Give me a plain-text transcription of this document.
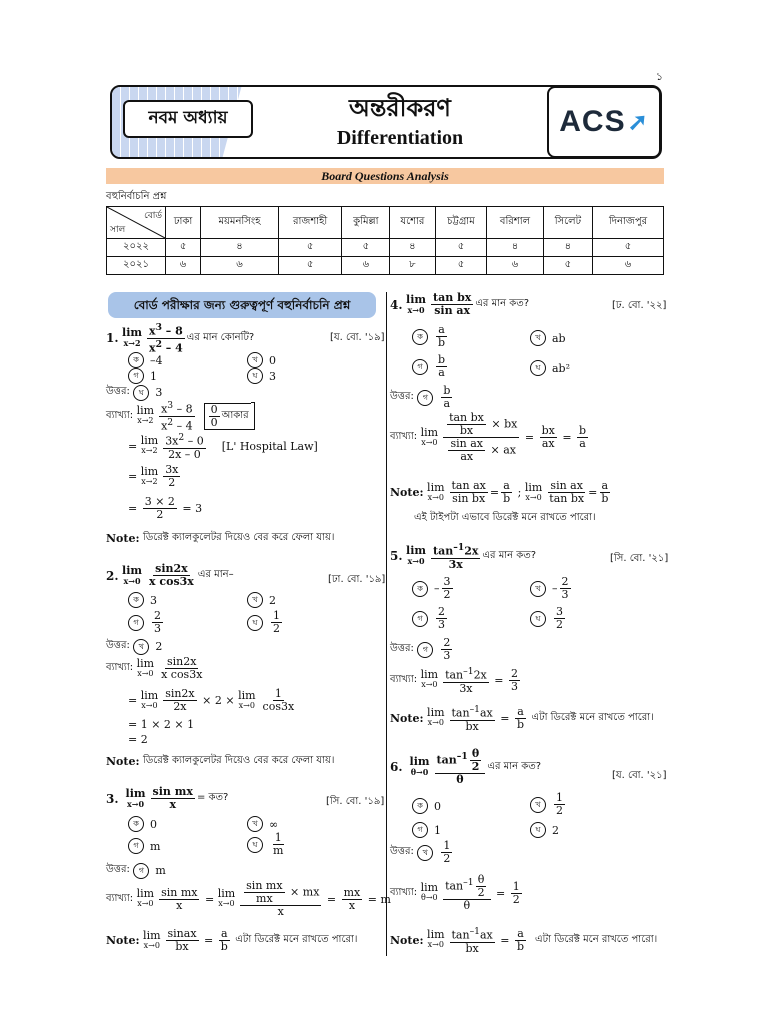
১
নবম অধ্যায়	অন্তরীকরণ
Differentiation	ACS ➚
Board Questions Analysis
বহুনির্বাচনি প্রশ্ন
বোর্ড
সাল	ঢাকা	ময়মনসিংহ	রাজশাহী	কুমিল্লা	যশোর	চট্টগ্রাম	বরিশাল	সিলেট	দিনাজপুর
২০২২	৫	৪	৫	৫	৪	৫	৪	৪	৫
২০২১	৬	৬	৫	৬	৮	৫	৬	৫	৬
বোর্ড পরীক্ষার জন্য গুরুত্বপূর্ণ বহুনির্বাচনি প্রশ্ন
1.
lim
$x\to 2 \frac{x^3 - 8}{x^2 - 4}$ এর মান কোনটি?	[য. বো. '১৯]
ক	–4	খ	0
গ	1	ঘ	3
উত্তর:
	ঘ	3
ব্যাখ্যা:
lim
$x\to 2 \frac{x^3 - 8}{x^2 - 4}$
$\frac{0}{0}$ আকার
= lim
$x\to 2 \frac{3x^2 - 0}{2x - 0}$
[L' Hospital Law]
= lim
$x\to 2 \frac{3x}{2}$
= $\frac{3 \times 2}{2} = 3$
Note:
ডিরেক্ট ক্যালকুলেটর দিয়েও বের করে ফেলা যায়।
2.
lim
$x\to 0 \frac{\sin 2x}{\text{x cos3x}}$ এর মান–	[ঢা. বো. '১৯]
ক	3	খ	2
গ	$\frac{2}{3}$	ঘ	$\frac{1}{2}$
উত্তর:
	খ	2
ব্যাখ্যা:
lim
$x\to 0 \frac{\sin 2x}{\text{x cos3x}}$
= lim
$x\to 0 \frac{\sin 2x}{2x} \times 2 \times \lim$
$x\to 0 \frac{1}{\cos 3x}$
= 1 × 2 × 1
= 2
Note:
ডিরেক্ট ক্যালকুলেটর দিয়েও বের করে ফেলা যায়।
3.
lim
$x\to 0 \frac{\text{sin mx}}{x}$ = কত?	[সি. বো. '১৯]
ক	0	খ	∞
গ	m	ঘ	$\frac{1}{m}$
উত্তর:
	গ	m
ব্যাখ্যা:
lim
$x\to 0 \frac{\text{sin mx}}{x} = \lim$
$x\to 0 \frac{\frac{\text{sin mx}}{mx} \times mx}{x} = \frac{mx}{x} = m$
Note:
lim
$x\to 0 \frac{\text{sinax}}{bx} = \frac{a}{b}$
এটা ডিরেক্ট মনে রাখতে পারো।
4.
lim
$x\to 0 \frac{\text{tan bx}}{\text{sin ax}}$ এর মান কত?	[ঢ. বো. '২২]
ক	$\frac{a}{b}$	খ	ab
গ	$\frac{b}{a}$	ঘ	ab²
উত্তর:
	গ	$\frac{b}{a}$
ব্যাখ্যা:
lim
$x\to 0 \frac{\frac{\text{tan bx}}{bx} \times bx}{\frac{\text{sin ax}}{ax} \times ax} = \frac{bx}{ax} = \frac{b}{a}$
Note:
lim
$x\to 0 \frac{\text{tan ax}}{\text{sin bx}} = \frac{a}{b}$ ; lim
$x\to 0 \frac{\text{sin ax}}{\text{tan bx}} = \frac{a}{b}$
এই টাইপটা এভাবে ডিরেক্ট মনে রাখতে পারো।
5.
lim
$x\to 0 \frac{\tan^{-1}2x}{3x}$ এর মান কত?	[সি. বো. '২১]
ক	– $\frac{3}{2}$	খ	– $\frac{2}{3}$
গ	$\frac{2}{3}$	ঘ	$\frac{3}{2}$
উত্তর:
	গ	$\frac{2}{3}$
ব্যাখ্যা:
lim
$x\to 0 \frac{\tan^{-1}2x}{3x} = \frac{2}{3}$
Note:
lim
$x\to 0 \frac{\tan^{-1}ax}{bx} = \frac{a}{b}$
এটা ডিরেক্ট মনে রাখতে পারো।
6.
lim
$\theta\to 0 \frac{\tan^{-1} \frac{\theta}{2}}{\theta}$ এর মান কত?
[য. বো. '২১]
ক	0	খ	$\frac{1}{2}$
গ	1	ঘ	2
উত্তর:
	খ	$\frac{1}{2}$
ব্যাখ্যা:
lim
$\theta\to 0 \frac{\tan^{-1} \frac{\theta}{2}}{\theta} = \frac{1}{2}$
Note:
lim
$x\to 0 \frac{\tan^{-1}ax}{bx} = \frac{a}{b}$
এটা ডিরেক্ট মনে রাখতে পারো।
